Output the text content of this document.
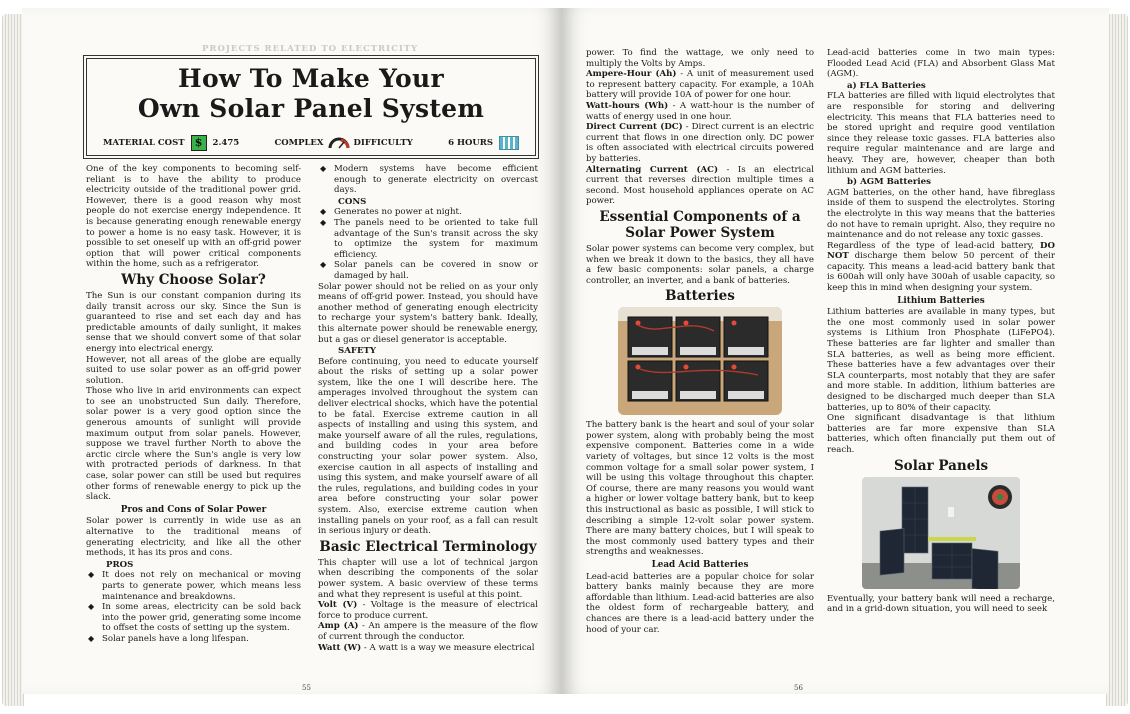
PROJECTS RELATED TO ELECTRICITY
How To Make Your
Own Solar Panel System
MATERIAL COST $	2.475	COMPLEX	DIFFICULTY	6 HOURS

One of the key components to becoming self-reliant is to have the ability to produce electricity outside of the traditional power grid. However, there is a good reason why most people do not exercise energy independence. It is because generating enough renewable energy to power a home is no easy task. However, it is possible to set oneself up with an off-grid power option that will power critical components within the home, such as a refrigerator.

Why Choose Solar?

The Sun is our constant companion during its daily transit across our sky. Since the Sun is guaranteed to rise and set each day and has predictable amounts of daily sunlight, it makes sense that we should convert some of that solar energy into electrical energy.

However, not all areas of the globe are equally suited to use solar power as an off-grid power solution.

Those who live in arid environments can expect to see an unobstructed Sun daily. Therefore, solar power is a very good option since the generous amounts of sunlight will provide maximum output from solar panels. However, suppose we travel further North to above the arctic circle where the Sun's angle is very low with protracted periods of darkness. In that case, solar power can still be used but requires other forms of renewable energy to pick up the slack.

Pros and Cons of Solar Power

Solar power is currently in wide use as an alternative to the traditional means of generating electricity, and like all the other methods, it has its pros and cons.

PROS
◆ It does not rely on mechanical or moving parts to generate power, which means less maintenance and breakdowns.
◆ In some areas, electricity can be sold back into the power grid, generating some income to offset the costs of setting up the system.
◆ Solar panels have a long lifespan.
◆ Modern systems have become efficient enough to generate electricity on overcast days.
CONS
◆ Generates no power at night.
◆ The panels need to be oriented to take full advantage of the Sun's transit across the sky to optimize the system for maximum efficiency.
◆ Solar panels can be covered in snow or damaged by hail.

Solar power should not be relied on as your only means of off-grid power. Instead, you should have another method of generating enough electricity to recharge your system's battery bank. Ideally, this alternate power should be renewable energy, but a gas or diesel generator is acceptable.

SAFETY

Before continuing, you need to educate yourself about the risks of setting up a solar power system, like the one I will describe here. The amperages involved throughout the system can deliver electrical shocks, which have the potential to be fatal. Exercise extreme caution in all aspects of installing and using this system, and make yourself aware of all the rules, regulations, and building codes in your area before constructing your solar power system. Also, exercise caution in all aspects of installing and using this system, and make yourself aware of all the rules, regulations, and building codes in your area before constructing your solar power system. Also, exercise extreme caution when installing panels on your roof, as a fall can result in serious injury or death.

Basic Electrical Terminology

This chapter will use a lot of technical jargon when describing the components of the solar power system. A basic overview of these terms and what they represent is useful at this point.

Volt (V) - Voltage is the measure of electrical force to produce current.

Amp (A) - An ampere is the measure of the flow of current through the conductor.

Watt (W) - A watt is a way we measure electrical

55

power. To find the wattage, we only need to multiply the Volts by Amps.

Ampere-Hour (Ah) - A unit of measurement used to represent battery capacity. For example, a 10Ah battery will provide 10A of power for one hour.

Watt-hours (Wh) - A watt-hour is the number of watts of energy used in one hour.

Direct Current (DC) - Direct current is an electric current that flows in one direction only. DC power is often associated with electrical circuits powered by batteries.

Alternating Current (AC) - Is an electrical current that reverses direction multiple times a second. Most household appliances operate on AC power.

Essential Components of a Solar Power System

Solar power systems can become very complex, but when we break it down to the basics, they all have a few basic components: solar panels, a charge controller, an inverter, and a bank of batteries.

Batteries

The battery bank is the heart and soul of your solar power system, along with probably being the most expensive component. Batteries come in a wide variety of voltages, but since 12 volts is the most common voltage for a small solar power system, I will be using this voltage throughout this chapter. Of course, there are many reasons you would want a higher or lower voltage battery bank, but to keep this instructional as basic as possible, I will stick to describing a simple 12-volt solar power system. There are many battery choices, but I will speak to the most commonly used battery types and their strengths and weaknesses.

Lead Acid Batteries

Lead-acid batteries are a popular choice for solar battery banks mainly because they are more affordable than lithium. Lead-acid batteries are also the oldest form of rechargeable battery, and chances are there is a lead-acid battery under the hood of your car.

Lead-acid batteries come in two main types: Flooded Lead Acid (FLA) and Absorbent Glass Mat (AGM).

a) FLA Batteries

FLA batteries are filled with liquid electrolytes that are responsible for storing and delivering electricity. This means that FLA batteries need to be stored upright and require good ventilation since they release toxic gasses. FLA batteries also require regular maintenance and are large and heavy. They are, however, cheaper than both lithium and AGM batteries.

b) AGM Batteries

AGM batteries, on the other hand, have fibreglass inside of them to suspend the electrolytes. Storing the electrolyte in this way means that the batteries do not have to remain upright. Also, they require no maintenance and do not release any toxic gasses.

Regardless of the type of lead-acid battery, DO NOT discharge them below 50 percent of their capacity. This means a lead-acid battery bank that is 600ah will only have 300ah of usable capacity, so keep this in mind when designing your system.

Lithium Batteries

Lithium batteries are available in many types, but the one most commonly used in solar power systems is Lithium Iron Phosphate (LiFePO4). These batteries are far lighter and smaller than SLA batteries, as well as being more efficient. These batteries have a few advantages over their SLA counterparts, most notably that they are safer and more stable. In addition, lithium batteries are designed to be discharged much deeper than SLA batteries, up to 80% of their capacity.

One significant disadvantage is that lithium batteries are far more expensive than SLA batteries, which often financially put them out of reach.

Solar Panels

Eventually, your battery bank will need a recharge, and in a grid-down situation, you will need to seek

56
